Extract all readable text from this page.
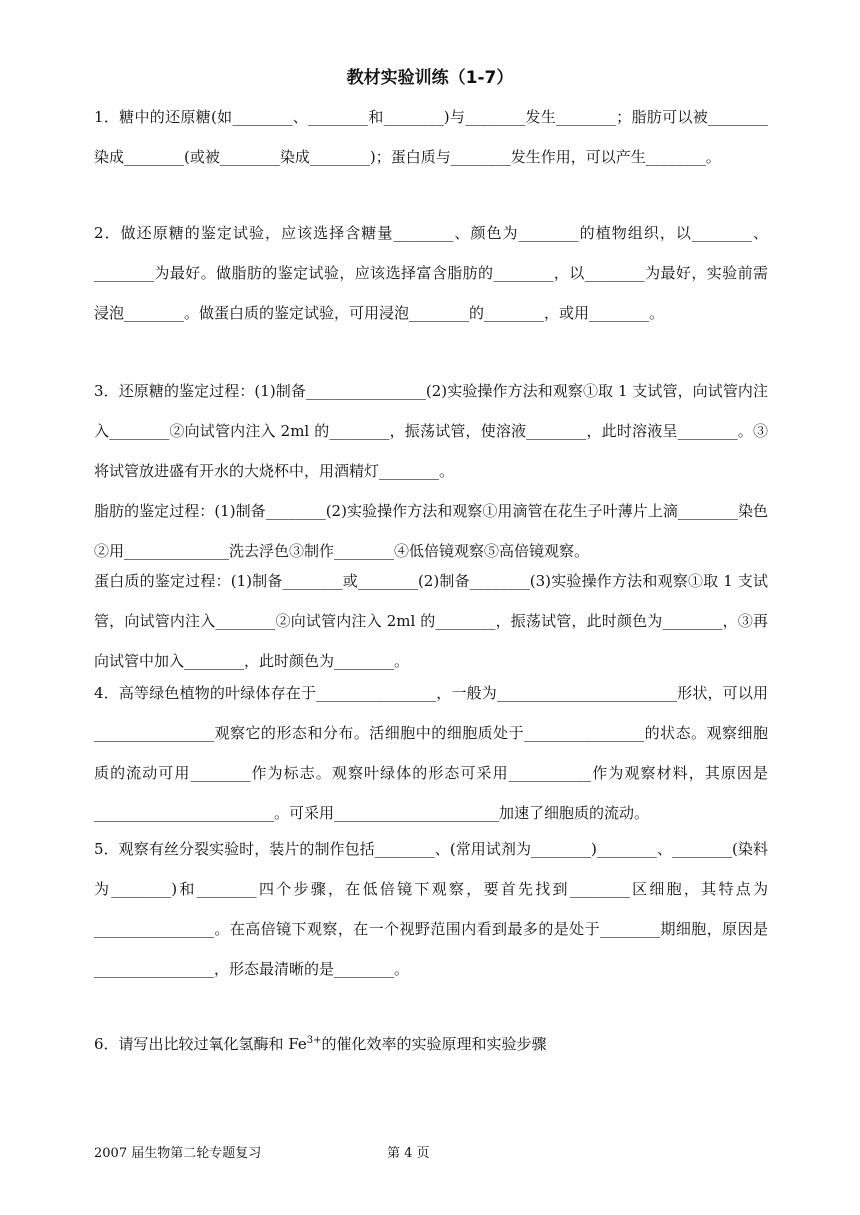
教材实验训练（1-7）

1．糖中的还原糖(如________、________和________)与________发生________；脂肪可以被________染成________(或被________染成________)；蛋白质与________发生作用，可以产生________。

2．做还原糖的鉴定试验，应该选择含糖量________、颜色为________的植物组织，以________、________为最好。做脂肪的鉴定试验，应该选择富含脂肪的________，以________为最好，实验前需浸泡________。做蛋白质的鉴定试验，可用浸泡________的________，或用________。

3．还原糖的鉴定过程：(1)制备________________(2)实验操作方法和观察①取 1 支试管，向试管内注入________②向试管内注入 2ml 的________，振荡试管，使溶液________，此时溶液呈________。③将试管放进盛有开水的大烧杯中，用酒精灯________。

脂肪的鉴定过程：(1)制备________(2)实验操作方法和观察①用滴管在花生子叶薄片上滴________染色②用______________洗去浮色③制作________④低倍镜观察⑤高倍镜观察。

蛋白质的鉴定过程：(1)制备________或________(2)制备________(3)实验操作方法和观察①取 1 支试管，向试管内注入________②向试管内注入 2ml 的________，振荡试管，此时颜色为________，③再向试管中加入________，此时颜色为________。

4．高等绿色植物的叶绿体存在于________________，一般为________________________形状，可以用________________观察它的形态和分布。活细胞中的细胞质处于________________的状态。观察细胞质的流动可用________作为标志。观察叶绿体的形态可采用___________作为观察材料，其原因是________________________。可采用______________________加速了细胞质的流动。

5．观察有丝分裂实验时，装片的制作包括________、(常用试剂为________)________、________(染料为________)和________四个步骤，在低倍镜下观察，要首先找到________区细胞，其特点为________________。在高倍镜下观察，在一个视野范围内看到最多的是处于________期细胞，原因是________________，形态最清晰的是________。

6．请写出比较过氧化氢酶和 $Fe^{3+}$的催化效率的实验原理和实验步骤

2007 届生物第二轮专题复习	第 4 页
